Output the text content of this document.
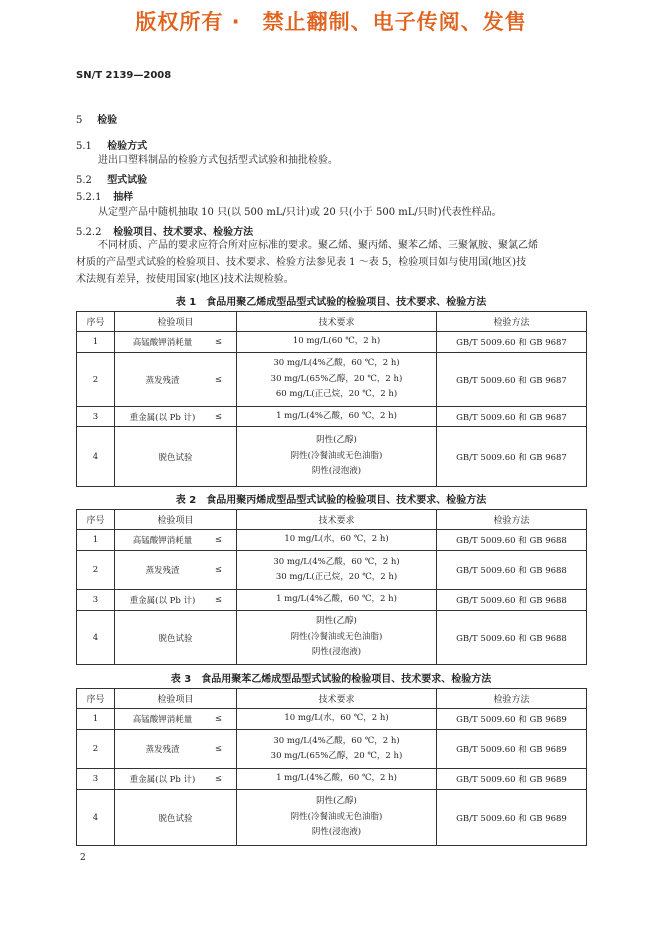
版权所有 ·　禁止翻制、电子传阅、发售
SN/T 2139—2008
5 检验
5.1 检验方式
进出口塑料制品的检验方式包括型式试验和抽批检验。
5.2 型式试验
5.2.1 抽样
从定型产品中随机抽取 10 只(以 500 mL/只计)或 20 只(小于 500 mL/只时)代表性样品。
5.2.2 检验项目、技术要求、检验方法
不同材质、产品的要求应符合所对应标准的要求。聚乙烯、聚丙烯、聚苯乙烯、三聚氰胺、聚氯乙烯
材质的产品型式试验的检验项目、技术要求、检验方法参见表 1 ～表 5，检验项目如与使用国(地区)技
术法规有差异，按使用国家(地区)技术法规检验。
表 1　食品用聚乙烯成型品型式试验的检验项目、技术要求、检验方法
序号	检验项目	技术要求	检验方法
1	高锰酸钾消耗量 ≤	10 mg/L(60 ℃，2 h)	GB/T 5009.60 和 GB 9687
2	蒸发残渣 ≤	30 mg/L(4%乙酸，60 ℃，2 h)
30 mg/L(65%乙醇，20 ℃，2 h)
60 mg/L(正己烷，20 ℃，2 h)	GB/T 5009.60 和 GB 9687
3	重金属(以 Pb 计) ≤	1 mg/L(4%乙酸，60 ℃，2 h)	GB/T 5009.60 和 GB 9687
4	脱色试验	阴性(乙醇)
阴性(冷餐油或无色油脂)
阴性(浸泡液)	GB/T 5009.60 和 GB 9687
表 2　食品用聚丙烯成型品型式试验的检验项目、技术要求、检验方法
序号	检验项目	技术要求	检验方法
1	高锰酸钾消耗量 ≤	10 mg/L(水，60 ℃，2 h)	GB/T 5009.60 和 GB 9688
2	蒸发残渣 ≤	30 mg/L(4%乙酸，60 ℃，2 h)
30 mg/L(正己烷，20 ℃，2 h)	GB/T 5009.60 和 GB 9688
3	重金属(以 Pb 计) ≤	1 mg/L(4%乙酸，60 ℃，2 h)	GB/T 5009.60 和 GB 9688
4	脱色试验	阴性(乙醇)
阴性(冷餐油或无色油脂)
阴性(浸泡液)	GB/T 5009.60 和 GB 9688
表 3　食品用聚苯乙烯成型品型式试验的检验项目、技术要求、检验方法
序号	检验项目	技术要求	检验方法
1	高锰酸钾消耗量 ≤	10 mg/L(水，60 ℃，2 h)	GB/T 5009.60 和 GB 9689
2	蒸发残渣 ≤	30 mg/L(4%乙酸，60 ℃，2 h)
30 mg/L(65%乙醇，20 ℃，2 h)	GB/T 5009.60 和 GB 9689
3	重金属(以 Pb 计) ≤	1 mg/L(4%乙酸，60 ℃，2 h)	GB/T 5009.60 和 GB 9689
4	脱色试验	阴性(乙醇)
阴性(冷餐油或无色油脂)
阴性(浸泡液)	GB/T 5009.60 和 GB 9689
2
